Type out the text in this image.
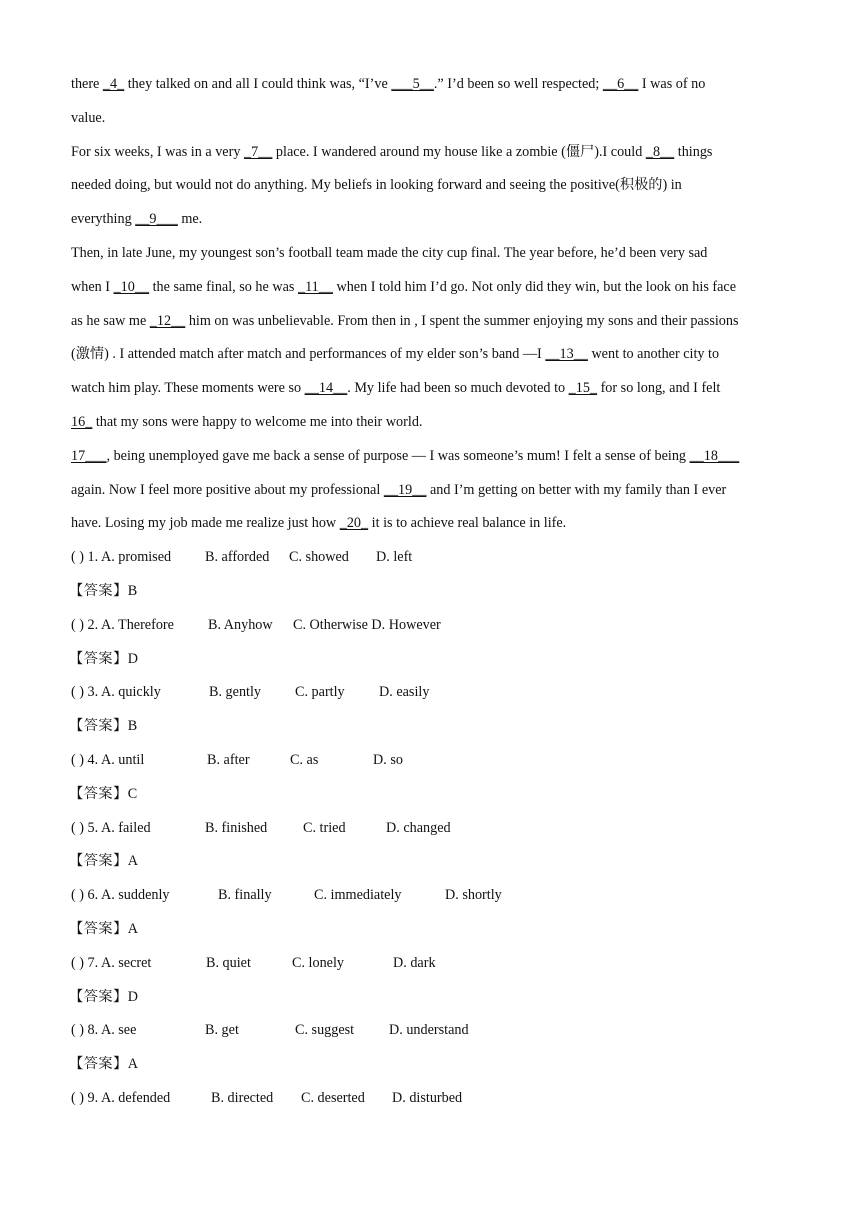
there _4_ they talked on and all I could think was, “I’ve ___5__.” I’d been so well respected; __6__ I was of no
value.
For six weeks, I was in a very _7__ place. I wandered around my house like a zombie (僵尸).I could _8__ things
needed doing, but would not do anything. My beliefs in looking forward and seeing the positive(积极的) in
everything __9___ me.
Then, in late June, my youngest son’s football team made the city cup final. The year before, he’d been very sad
when I _10__ the same final, so he was _11__ when I told him I’d go. Not only did they win, but the look on his face
as he saw me _12__ him on was unbelievable. From then in , I spent the summer enjoying my sons and their passions
(激情) . I attended match after match and performances of my elder son’s band —I __13__ went to another city to
watch him play. These moments were so __14__. My life had been so much devoted to _15_ for so long, and I felt
16_ that my sons were happy to welcome me into their world.
17___, being unemployed gave me back a sense of purpose — I was someone’s mum! I felt a sense of being __18___
again. Now I feel more positive about my professional __19__ and I’m getting on better with my family than I ever
have. Losing my job made me realize just how _20_ it is to achieve real balance in life.
( ) 1. A. promised B. afforded C. showed D. left
【答案】B
( ) 2. A. Therefore B. Anyhow C. Otherwise D. However
【答案】D
( ) 3. A. quickly	B. gently C. partly D. easily
【答案】B
( ) 4. A. until	B. after	C. as	D. so
【答案】C
( ) 5. A. failed	B. finished	C. tried	D. changed
【答案】A
( ) 6. A. suddenly	B. finally	C. immediately	D. shortly
【答案】A
( ) 7. A. secret	B. quiet	C. lonely	D. dark
【答案】D
( ) 8. A. see	B. get	C. suggest D. understand
【答案】A
( ) 9. A. defended	B. directed C. deserted D. disturbed
